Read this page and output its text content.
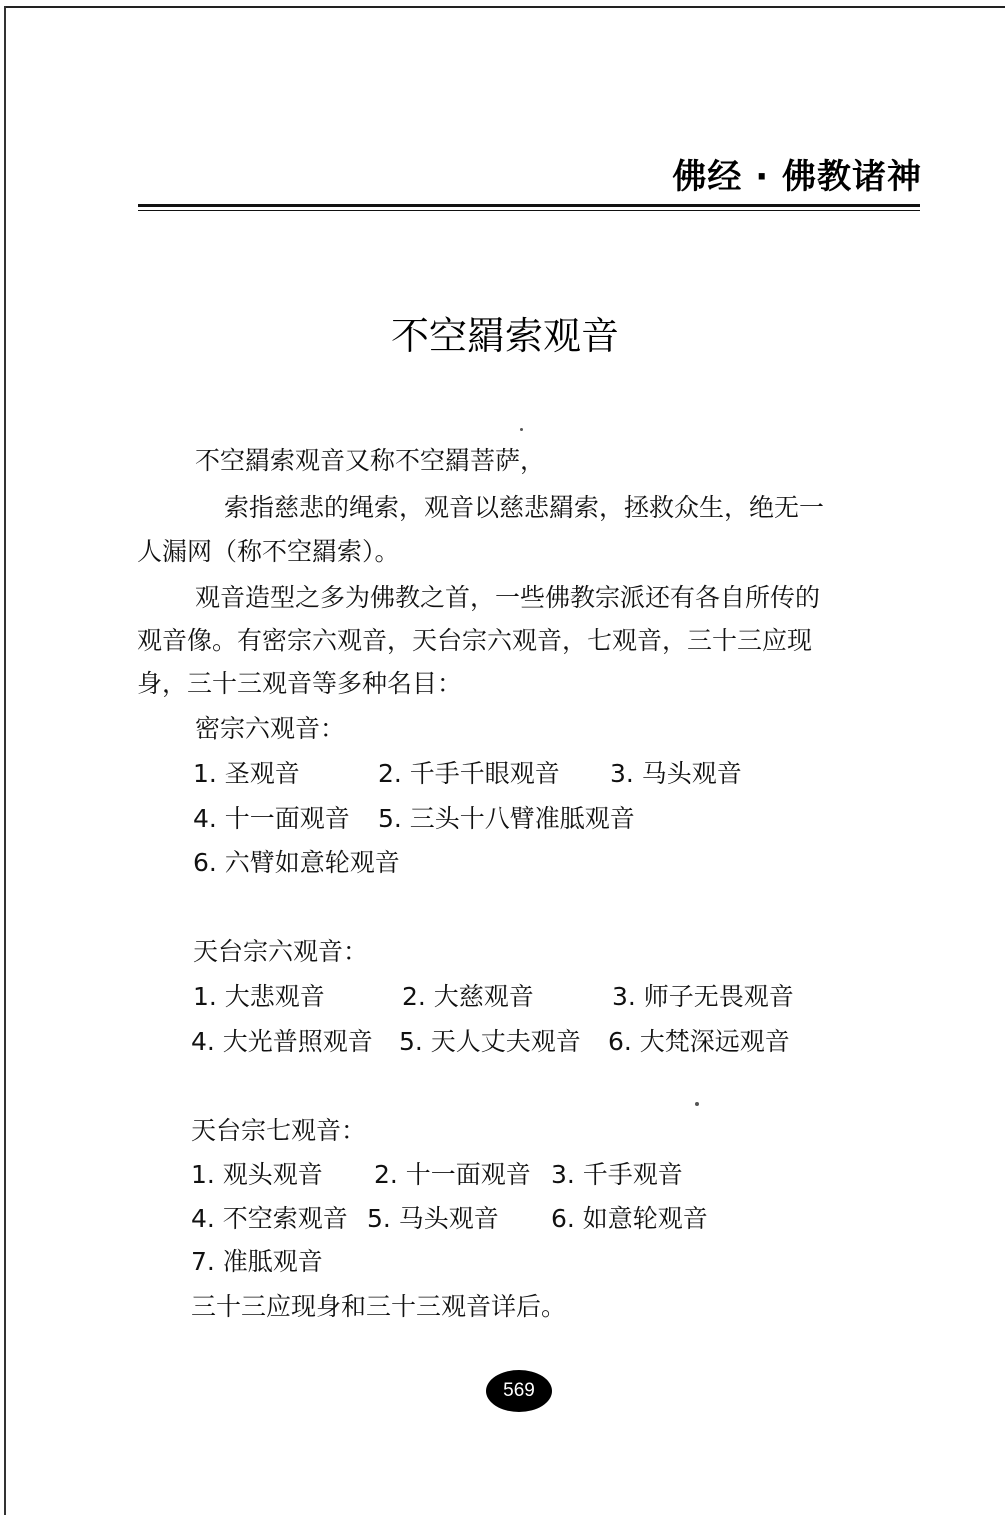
佛经 · 佛教诸神
不空羂索观音
不空羂索观音又称不空羂菩萨，
索指慈悲的绳索，观音以慈悲羂索，拯救众生，绝无一
人漏网（称不空羂索）。
观音造型之多为佛教之首，一些佛教宗派还有各自所传的
观音像。有密宗六观音，天台宗六观音，七观音，三十三应现
身，三十三观音等多种名目：
密宗六观音：
1. 圣观音	2. 千手千眼观音 3. 马头观音
4. 十一面观音 5. 三头十八臂准胝观音
6. 六臂如意轮观音
天台宗六观音：
1. 大悲观音	2. 大慈观音	3. 师子无畏观音
4. 大光普照观音 5. 天人丈夫观音 6. 大梵深远观音
天台宗七观音：
1. 观头观音 2. 十一面观音 3. 千手观音
4. 不空索观音 5. 马头观音 6. 如意轮观音
7. 准胝观音
三十三应现身和三十三观音详后。
569
